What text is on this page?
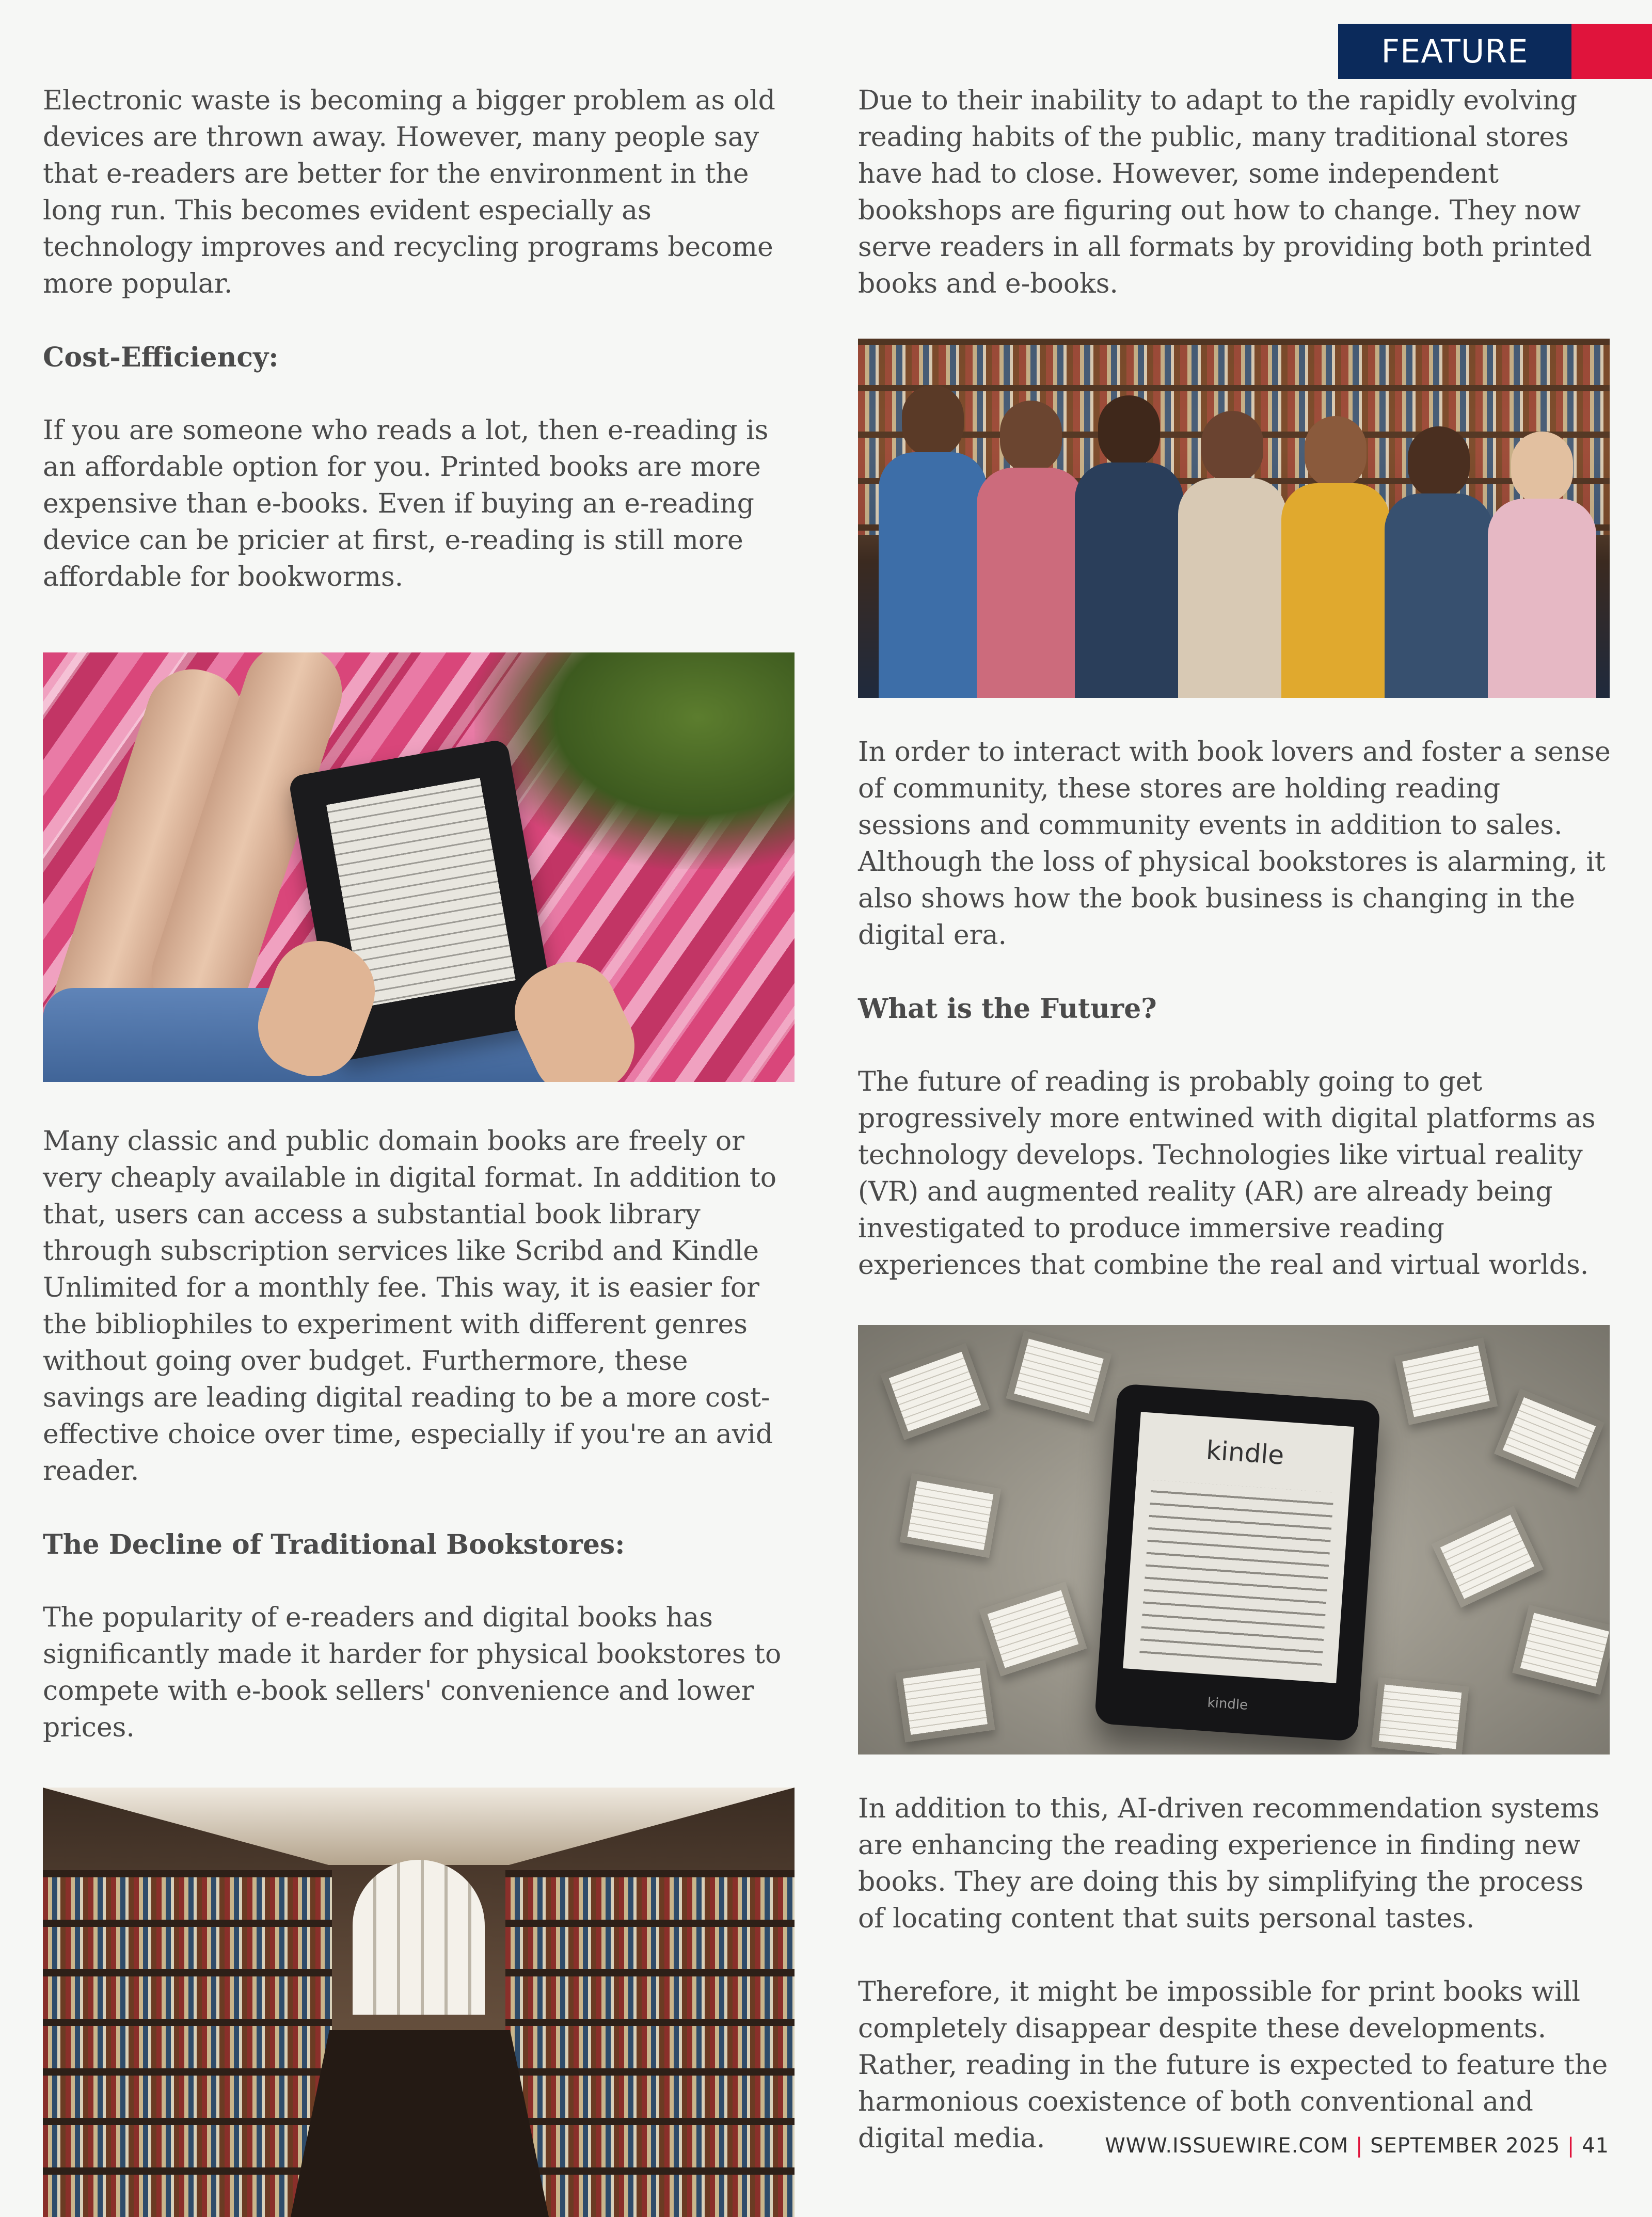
FEATURE

Electronic waste is becoming a bigger problem as old devices are thrown away. However, many people say that e-readers are better for the environment in the long run. This becomes evident especially as technology improves and recycling programs become more popular.

Cost-Efficiency:

If you are someone who reads a lot, then e-reading is an affordable option for you. Printed books are more expensive than e-books. Even if buying an e-reading device can be pricier at first, e-reading is still more affordable for bookworms.

Many classic and public domain books are freely or very cheaply available in digital format. In addition to that, users can access a substantial book library through subscription services like Scribd and Kindle Unlimited for a monthly fee. This way, it is easier for the bibliophiles to experiment with different genres without going over budget. Furthermore, these savings are leading digital reading to be a more cost-effective choice over time, especially if you're an avid reader.

The Decline of Traditional Bookstores:

The popularity of e-readers and digital books has significantly made it harder for physical bookstores to compete with e-book sellers' convenience and lower prices.

Due to their inability to adapt to the rapidly evolving reading habits of the public, many traditional stores have had to close. However, some independent bookshops are figuring out how to change. They now serve readers in all formats by providing both printed books and e-books.

In order to interact with book lovers and foster a sense of community, these stores are holding reading sessions and community events in addition to sales. Although the loss of physical bookstores is alarming, it also shows how the book business is changing in the digital era.

What is the Future?

The future of reading is probably going to get progressively more entwined with digital platforms as technology develops. Technologies like virtual reality (VR) and augmented reality (AR) are already being investigated to produce immersive reading experiences that combine the real and virtual worlds.

kindle
kindle

In addition to this, AI-driven recommendation systems are enhancing the reading experience in finding new books. They are doing this by simplifying the process of locating content that suits personal tastes.

Therefore, it might be impossible for print books will completely disappear despite these developments. Rather, reading in the future is expected to feature the harmonious coexistence of both conventional and digital media.	WWW.ISSUEWIRE.COM | SEPTEMBER 2025 | 41
